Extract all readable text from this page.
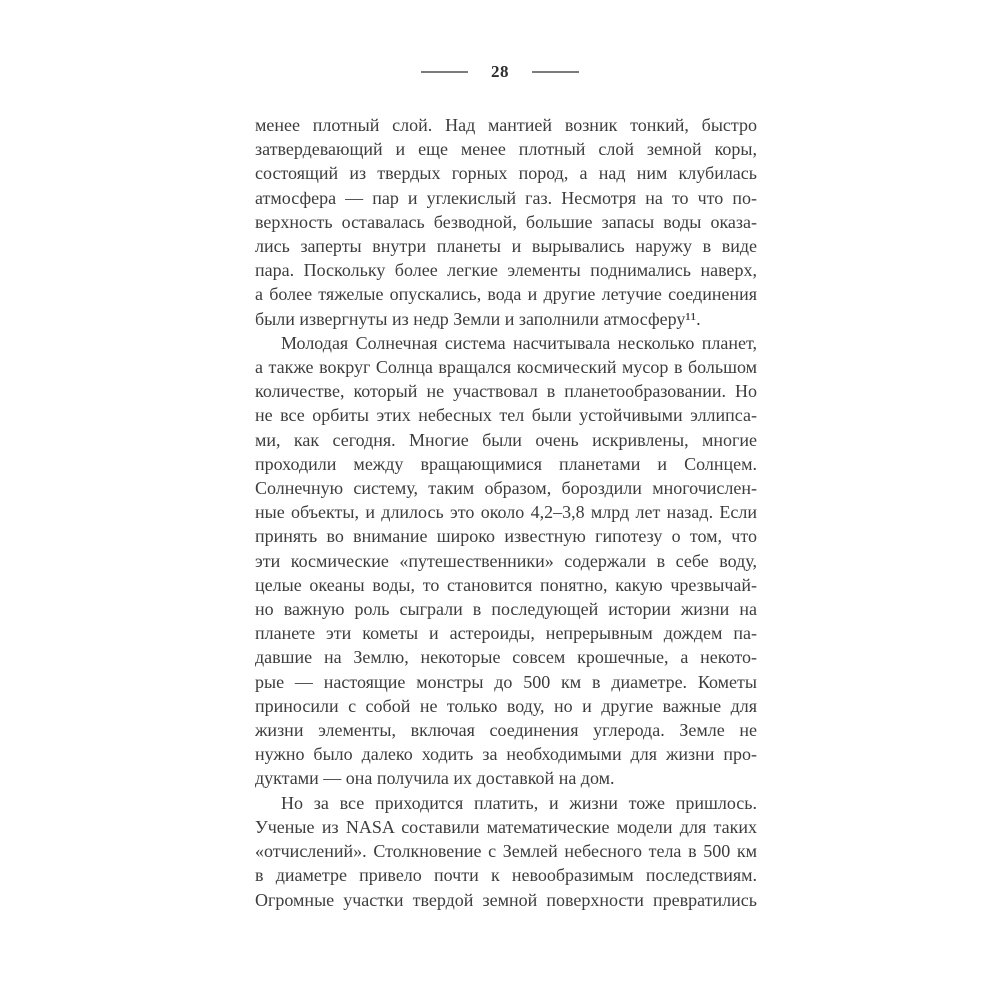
28
менее плотный слой. Над мантией возник тонкий, быстро
затвердевающий и еще менее плотный слой земной коры,
состоящий из твердых горных пород, а над ним клубилась
атмосфера — пар и углекислый газ. Несмотря на то что по-
верхность оставалась безводной, большие запасы воды оказа-
лись заперты внутри планеты и вырывались наружу в виде
пара. Поскольку более легкие элементы поднимались наверх,
а более тяжелые опускались, вода и другие летучие соединения
были извергнуты из недр Земли и заполнили атмосферу¹¹.
Молодая Солнечная система насчитывала несколько планет,
а также вокруг Солнца вращался космический мусор в большом
количестве, который не участвовал в планетообразовании. Но
не все орбиты этих небесных тел были устойчивыми эллипса-
ми, как сегодня. Многие были очень искривлены, многие
проходили между вращающимися планетами и Солнцем.
Солнечную систему, таким образом, бороздили многочислен-
ные объекты, и длилось это около 4,2–3,8 млрд лет назад. Если
принять во внимание широко известную гипотезу о том, что
эти космические «путешественники» содержали в себе воду,
целые океаны воды, то становится понятно, какую чрезвычай-
но важную роль сыграли в последующей истории жизни на
планете эти кометы и астероиды, непрерывным дождем па-
давшие на Землю, некоторые совсем крошечные, а некото-
рые — настоящие монстры до 500 км в диаметре. Кометы
приносили с собой не только воду, но и другие важные для
жизни элементы, включая соединения углерода. Земле не
нужно было далеко ходить за необходимыми для жизни про-
дуктами — она получила их доставкой на дом.
Но за все приходится платить, и жизни тоже пришлось.
Ученые из NASA составили математические модели для таких
«отчислений». Столкновение с Землей небесного тела в 500 км
в диаметре привело почти к невообразимым последствиям.
Огромные участки твердой земной поверхности превратились
